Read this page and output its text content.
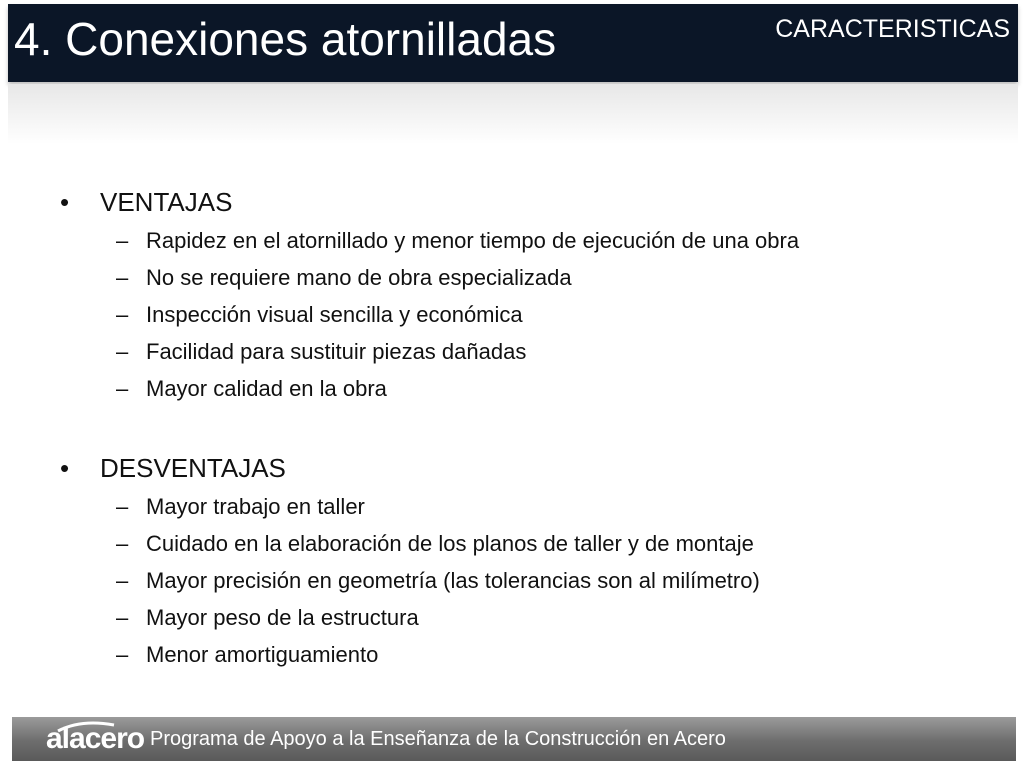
4. Conexiones atornilladas	CARACTERISTICAS
• VENTAJAS
– Rapidez en el atornillado y menor tiempo de ejecución de una obra
– No se requiere mano de obra especializada
– Inspección visual sencilla y económica
– Facilidad para sustituir piezas dañadas
– Mayor calidad en la obra
• DESVENTAJAS
– Mayor trabajo en taller
– Cuidado en la elaboración de los planos de taller y de montaje
– Mayor precisión en geometría (las tolerancias son al milímetro)
– Mayor peso de la estructura
– Menor amortiguamiento
alacero Programa de Apoyo a la Enseñanza de la Construcción en Acero
